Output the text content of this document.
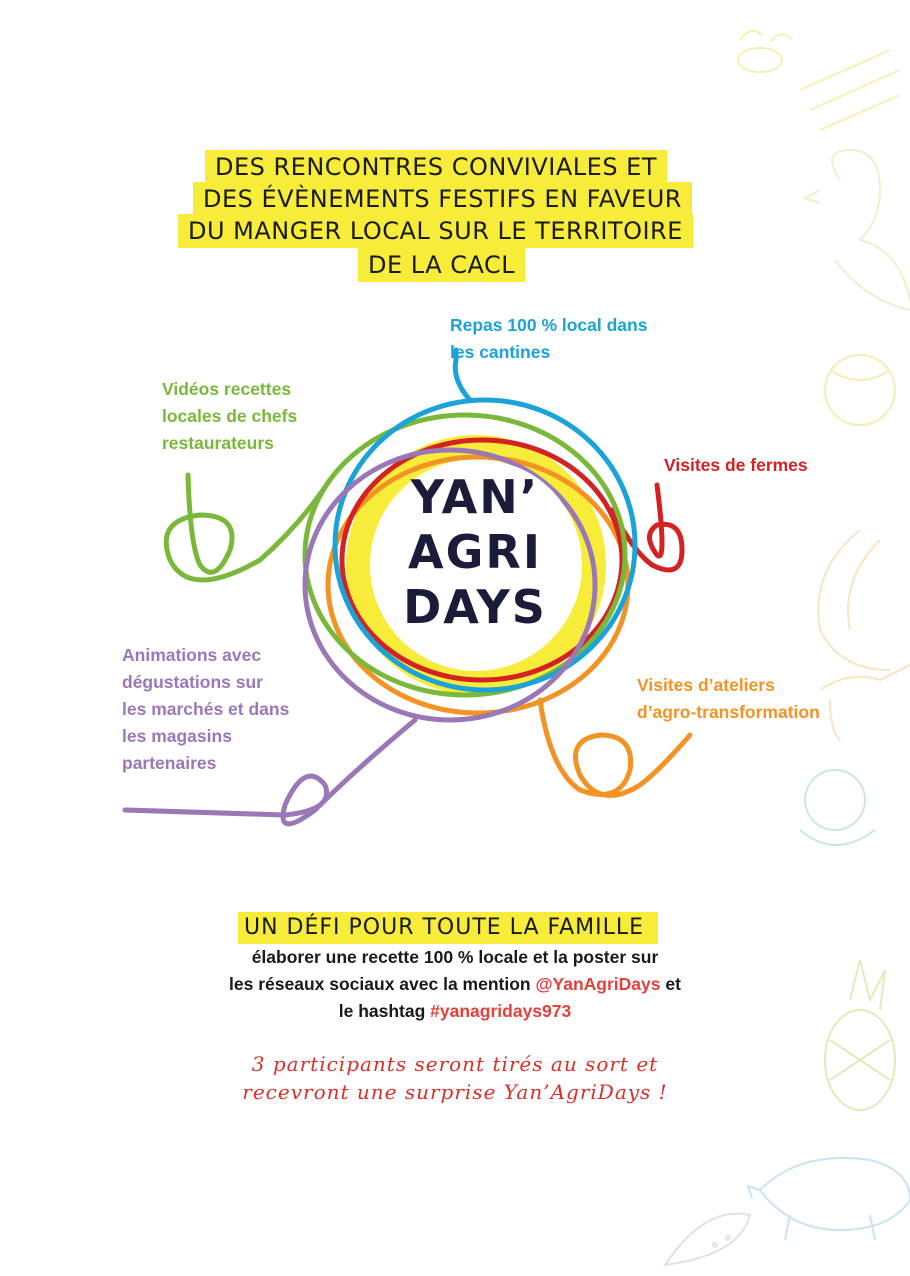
DES RENCONTRES CONVIVIALES ET
DES ÉVÈNEMENTS FESTIFS EN FAVEUR
DU MANGER LOCAL SUR LE TERRITOIRE
DE LA CACL
YAN’
AGRI
DAYS
Repas 100 % local dans
les cantines
Vidéos recettes
locales de chefs
restaurateurs
Visites de fermes
Visites d’ateliers
d’agro-transformation
Animations avec
dégustations sur
les marchés et dans
les magasins
partenaires
UN DÉFI POUR TOUTE LA FAMILLE
élaborer une recette 100 % locale et la poster sur
les réseaux sociaux avec la mention @YanAgriDays et
le hashtag #yanagridays973
3 participants seront tirés au sort et
recevront une surprise Yan’AgriDays !
